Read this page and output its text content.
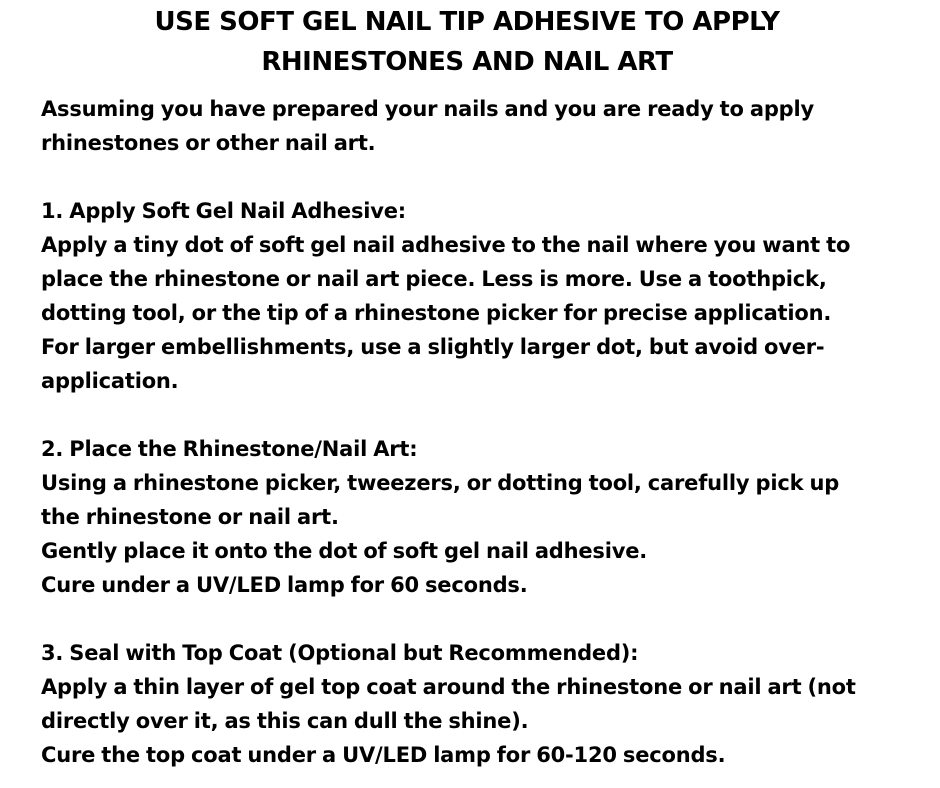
USE SOFT GEL NAIL TIP ADHESIVE TO APPLY
RHINESTONES AND NAIL ART
Assuming you have prepared your nails and you are ready to apply
rhinestones or other nail art.
1. Apply Soft Gel Nail Adhesive:
Apply a tiny dot of soft gel nail adhesive to the nail where you want to
place the rhinestone or nail art piece. Less is more. Use a toothpick,
dotting tool, or the tip of a rhinestone picker for precise application.
For larger embellishments, use a slightly larger dot, but avoid over-
application.
2. Place the Rhinestone/Nail Art:
Using a rhinestone picker, tweezers, or dotting tool, carefully pick up
the rhinestone or nail art.
Gently place it onto the dot of soft gel nail adhesive.
Cure under a UV/LED lamp for 60 seconds.
3. Seal with Top Coat (Optional but Recommended):
Apply a thin layer of gel top coat around the rhinestone or nail art (not
directly over it, as this can dull the shine).
Cure the top coat under a UV/LED lamp for 60-120 seconds.
